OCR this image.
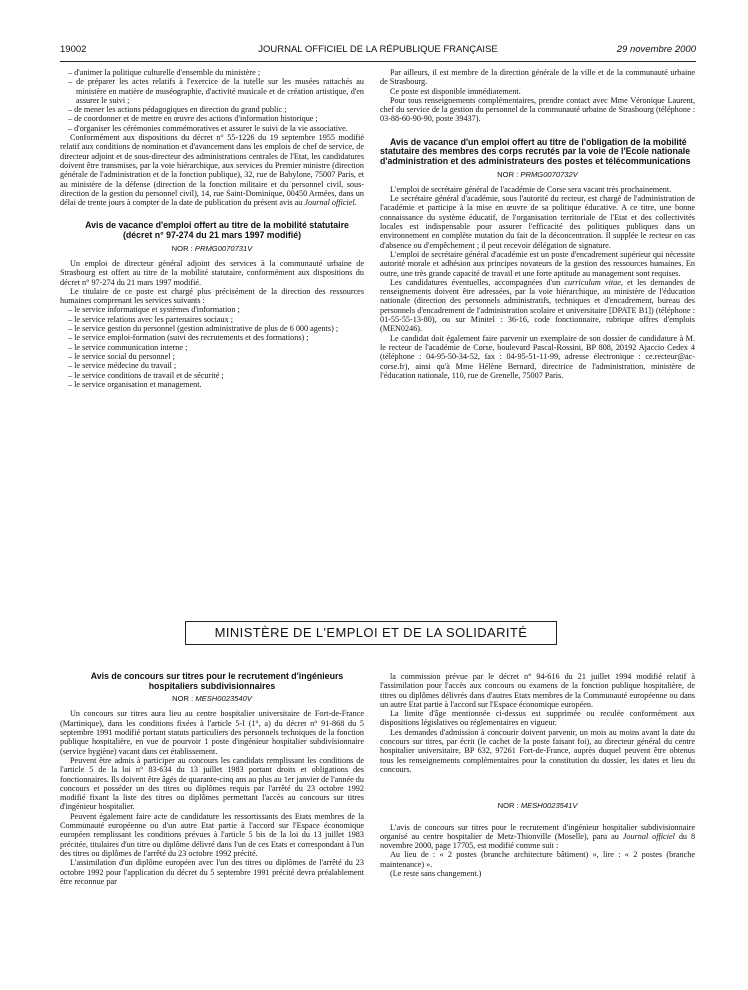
19002	JOURNAL OFFICIEL DE LA RÉPUBLIQUE FRANÇAISE	29 novembre 2000
– d'animer la politique culturelle d'ensemble du ministère ;
– de préparer les actes relatifs à l'exercice de la tutelle sur les musées rattachés au ministère en matière de muséographie, d'activité musicale et de création artistique, d'en assurer le suivi ;
– de mener les actions pédagogiques en direction du grand public ;
– de coordonner et de mettre en œuvre des actions d'information historique ;
– d'organiser les cérémonies commémoratives et assurer le suivi de la vie associative.

Conformément aux dispositions du décret n° 55-1226 du 19 septembre 1955 modifié relatif aux conditions de nomination et d'avancement dans les emplois de chef de service, de directeur adjoint et de sous-directeur des administrations centrales de l'Etat, les candidatures doivent être transmises, par la voie hiérarchique, aux services du Premier ministre (direction générale de l'administration et de la fonction publique), 32, rue de Babylone, 75007 Paris, et au ministère de la défense (direction de la fonction militaire et du personnel civil, sous-direction de la gestion du personnel civil), 14, rue Saint-Dominique, 00450 Armées, dans un délai de trente jours à compter de la date de publication du présent avis au Journal officiel.

Avis de vacance d'emploi offert au titre de la mobilité statutaire (décret n° 97-274 du 21 mars 1997 modifié)

NOR : PRMG0070731V

Un emploi de directeur général adjoint des services à la communauté urbaine de Strasbourg est offert au titre de la mobilité statutaire, conformément aux dispositions du décret n° 97-274 du 21 mars 1997 modifié.

Le titulaire de ce poste est chargé plus précisément de la direction des ressources humaines comprenant les services suivants :

– le service informatique et systèmes d'information ;
– le service relations avec les partenaires sociaux ;
– le service gestion du personnel (gestion administrative de plus de 6 000 agents) ;
– le service emploi-formation (suivi des recrutements et des formations) ;
– le service communication interne ;
– le service social du personnel ;
– le service médecine du travail ;
– le service conditions de travail et de sécurité ;
– le service organisation et management.

Par ailleurs, il est membre de la direction générale de la ville et de la communauté urbaine de Strasbourg.

Ce poste est disponible immédiatement.

Pour tous renseignements complémentaires, prendre contact avec Mme Véronique Laurent, chef du service de la gestion du personnel de la communauté urbaine de Strasbourg (téléphone : 03-88-60-90-90, poste 39437).

Avis de vacance d'un emploi offert au titre de l'obligation de la mobilité statutaire des membres des corps recrutés par la voie de l'Ecole nationale d'administration et des administrateurs des postes et télécommunications

NOR : PRMG0070732V

L'emploi de secrétaire général de l'académie de Corse sera vacant très prochainement.

Le secrétaire général d'académie, sous l'autorité du recteur, est chargé de l'administration de l'académie et participe à la mise en œuvre de sa politique éducative. A ce titre, une bonne connaissance du système éducatif, de l'organisation territoriale de l'Etat et des collectivités locales est indispensable pour assurer l'efficacité des politiques publiques dans un environnement en complète mutation du fait de la déconcentration. Il supplée le recteur en cas d'absence ou d'empêchement ; il peut recevoir délégation de signature.

L'emploi de secrétaire général d'académie est un poste d'encadrement supérieur qui nécessite autorité morale et adhésion aux principes novateurs de la gestion des ressources humaines. En outre, une très grande capacité de travail et une forte aptitude au management sont requises.

Les candidatures éventuelles, accompagnées d'un curriculum vitae, et les demandes de renseignements doivent être adressées, par la voie hiérarchique, au ministère de l'éducation nationale (direction des personnels administratifs, techniques et d'encadrement, bureau des personnels d'encadrement de l'administration scolaire et universitaire [DPATE B1]) (téléphone : 01-55-55-13-80), ou sur Minitel : 36-16, code fonctionnaire, rubrique offres d'emplois (MEN0246).

Le candidat doit également faire parvenir un exemplaire de son dossier de candidature à M. le recteur de l'académie de Corse, boulevard Pascal-Rossini, BP 808, 20192 Ajaccio Cedex 4 (téléphone : 04-95-50-34-52, fax : 04-95-51-11-99, adresse électronique : ce.recteur@ac-corse.fr), ainsi qu'à Mme Hélène Bernard, directrice de l'administration, ministère de l'éducation nationale, 110, rue de Grenelle, 75007 Paris.

MINISTÈRE DE L'EMPLOI ET DE LA SOLIDARITÉ

Avis de concours sur titres pour le recrutement d'ingénieurs hospitaliers subdivisionnaires

NOR : MESH0023540V

Un concours sur titres aura lieu au centre hospitalier universitaire de Fort-de-France (Martinique), dans les conditions fixées à l'article 5-I (1°, a) du décret n° 91-868 du 5 septembre 1991 modifié portant statuts particuliers des personnels techniques de la fonction publique hospitalière, en vue de pourvoir 1 poste d'ingénieur hospitalier subdivisionnaire (service hygiène) vacant dans cet établissement.

Peuvent être admis à participer au concours les candidats remplissant les conditions de l'article 5 de la loi n° 83-634 du 13 juillet 1983 portant droits et obligations des fonctionnaires. Ils doivent être âgés de quarante-cinq ans au plus au 1er janvier de l'année du concours et posséder un des titres ou diplômes requis par l'arrêté du 23 octobre 1992 modifié fixant la liste des titres ou diplômes permettant l'accès au concours sur titres d'ingénieur hospitalier.

Peuvent également faire acte de candidature les ressortissants des Etats membres de la Communauté européenne ou d'un autre Etat partie à l'accord sur l'Espace économique européen remplissant les conditions prévues à l'article 5 bis de la loi du 13 juillet 1983 précitée, titulaires d'un titre ou diplôme délivré dans l'un de ces Etats et correspondant à l'un des titres ou diplômes de l'arrêté du 23 octobre 1992 précité.

L'assimilation d'un diplôme européen avec l'un des titres ou diplômes de l'arrêté du 23 octobre 1992 pour l'application du décret du 5 septembre 1991 précité devra préalablement être reconnue par

la commission prévue par le décret n° 94-616 du 21 juillet 1994 modifié relatif à l'assimilation pour l'accès aux concours ou examens de la fonction publique hospitalière, de titres ou diplômes délivrés dans d'autres Etats membres de la Communauté européenne ou dans un autre Etat partie à l'accord sur l'Espace économique européen.

La limite d'âge mentionnée ci-dessus est supprimée ou reculée conformément aux dispositions législatives ou réglementaires en vigueur.

Les demandes d'admission à concourir doivent parvenir, un mois au moins avant la date du concours sur titres, par écrit (le cachet de la poste faisant foi), au directeur général du centre hospitalier universitaire, BP 632, 97261 Fort-de-France, auprès duquel peuvent être obtenus tous les renseignements complémentaires pour la constitution du dossier, les dates et lieu du concours.

NOR : MESH0023541V

L'avis de concours sur titres pour le recrutement d'ingénieur hospitalier subdivisionnaire organisé au centre hospitalier de Metz-Thionville (Moselle), paru au Journal officiel du 8 novembre 2000, page 17705, est modifié comme suit :

Au lieu de : « 2 postes (branche architecture bâtiment) », lire : « 2 postes (branche maintenance) ».

(Le reste sans changement.)
